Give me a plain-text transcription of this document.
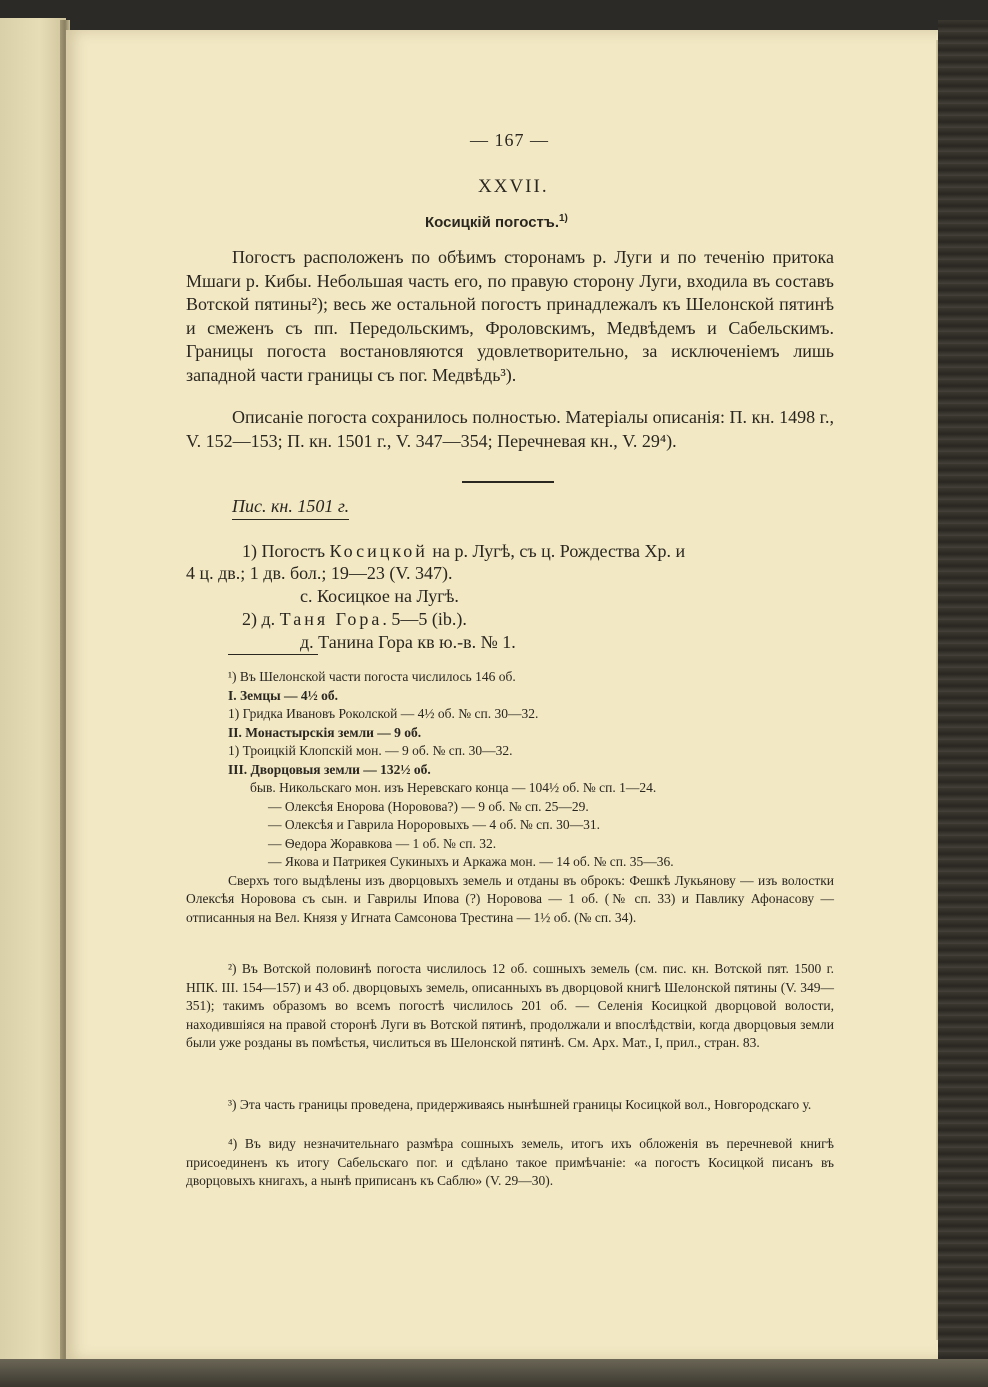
— 167 —
XXVII.
Косицкій погостъ.$^{1)}$
Погостъ расположенъ по обѣимъ сторонамъ р. Луги и по теченію притока Мшаги р. Кибы. Небольшая часть его, по правую сторону Луги, входила въ составъ Вотской пятины²); весь же остальной погостъ принадлежалъ къ Шелонской пятинѣ и смеженъ съ пп. Передольскимъ, Фроловскимъ, Медвѣдемъ и Сабельскимъ. Границы погоста востановляются удовлетворительно, за исключеніемъ лишь западной части границы съ пог. Медвѣдь³).
Описаніе погоста сохранилось полностью. Матеріалы описанія: П. кн. 1498 г., V. 152—153; П. кн. 1501 г., V. 347—354; Перечневая кн., V. 29⁴).
Пис. кн. 1501 г.
1) Погостъ Косицкой на р. Лугѣ, съ ц. Рождества Хр. и
4 ц. дв.; 1 дв. бол.; 19—23 (V. 347).
с. Косицкое на Лугѣ.
2) д. Таня Гора. 5—5 (ib.).
д. Танина Гора кв ю.-в. № 1.
¹) Въ Шелонской части погоста числилось 146 об.
I. Земцы — 4½ об.
1) Гридка Ивановъ Роколской — 4½ об. № сп. 30—32.
II. Монастырскія земли — 9 об.
1) Троицкій Клопскій мон. — 9 об. № сп. 30—32.
III. Дворцовыя земли — 132½ об.
быв. Никольскаго мон. изъ Неревскаго конца — 104½ об. № сп. 1—24.
— Олексѣя Енорова (Норовова?) — 9 об. № сп. 25—29.
— Олексѣя и Гаврила Нороровыхъ — 4 об. № сп. 30—31.
— Ѳедора Жоравкова — 1 об. № сп. 32.
— Якова и Патрикея Сукиныхъ и Аркажа мон. — 14 об. № сп. 35—36.
Сверхъ того выдѣлены изъ дворцовыхъ земель и отданы въ оброкъ: Фешкѣ Лукьянову — изъ волостки Олексѣя Норовова съ сын. и Гаврилы Ипова (?) Норовова — 1 об. (№ сп. 33) и Павлику Афонасову — отписанныя на Вел. Князя у Игната Самсонова Трестина — 1½ об. (№ сп. 34).
²) Въ Вотской половинѣ погоста числилось 12 об. сошныхъ земель (см. пис. кн. Вотской пят. 1500 г. НПК. III. 154—157) и 43 об. дворцовыхъ земель, описанныхъ въ дворцовой книгѣ Шелонской пятины (V. 349—351); такимъ образомъ во всемъ погостѣ числилось 201 об. — Селенія Косицкой дворцовой волости, находившіяся на правой сторонѣ Луги въ Вотской пятинѣ, продолжали и впослѣдствіи, когда дворцовыя земли были уже розданы въ помѣстья, числиться въ Шелонской пятинѣ. См. Арх. Мат., I, прил., стран. 83.
³) Эта часть границы проведена, придерживаясь нынѣшней границы Косицкой вол., Новгородскаго у.
⁴) Въ виду незначительнаго размѣра сошныхъ земель, итогъ ихъ обложенія въ перечневой книгѣ присоединенъ къ итогу Сабельскаго пог. и сдѣлано такое примѣчаніе: «а погостъ Косицкой писанъ въ дворцовыхъ книгахъ, а нынѣ приписанъ къ Саблю» (V. 29—30).
